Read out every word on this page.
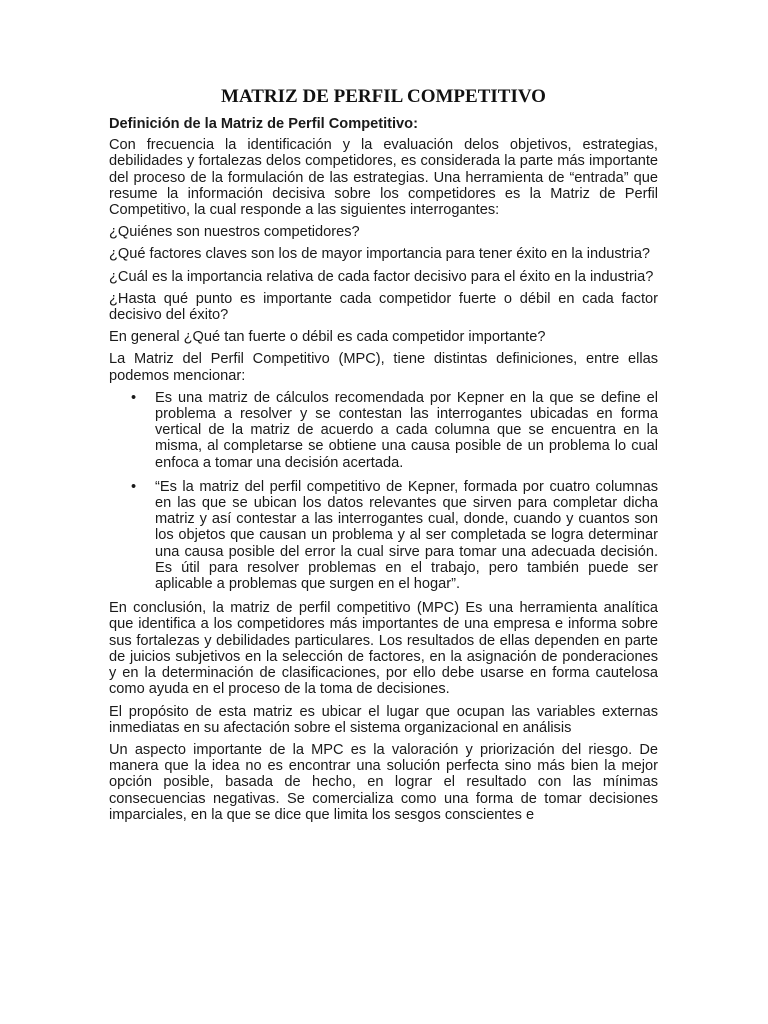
MATRIZ DE PERFIL COMPETITIVO
Definición de la Matriz de Perfil Competitivo:

Con frecuencia la identificación y la evaluación delos objetivos, estrategias, debilidades y fortalezas delos competidores, es considerada la parte más importante del proceso de la formulación de las estrategias. Una herramienta de “entrada” que resume la información decisiva sobre los competidores es la Matriz de Perfil Competitivo, la cual responde a las siguientes interrogantes:

¿Quiénes son nuestros competidores?

¿Qué factores claves son los de mayor importancia para tener éxito en la industria?

¿Cuál es la importancia relativa de cada factor decisivo para el éxito en la industria?

¿Hasta qué punto es importante cada competidor fuerte o débil en cada factor decisivo del éxito?

En general ¿Qué tan fuerte o débil es cada competidor importante?

La Matriz del Perfil Competitivo (MPC), tiene distintas definiciones, entre ellas podemos mencionar:

• Es una matriz de cálculos recomendada por Kepner en la que se define el problema a resolver y se contestan las interrogantes ubicadas en forma vertical de la matriz de acuerdo a cada columna que se encuentra en la misma, al completarse se obtiene una causa posible de un problema lo cual enfoca a tomar una decisión acertada.
• “Es la matriz del perfil competitivo de Kepner, formada por cuatro columnas en las que se ubican los datos relevantes que sirven para completar dicha matriz y así contestar a las interrogantes cual, donde, cuando y cuantos son los objetos que causan un problema y al ser completada se logra determinar una causa posible del error la cual sirve para tomar una adecuada decisión. Es útil para resolver problemas en el trabajo, pero también puede ser aplicable a problemas que surgen en el hogar”.

En conclusión, la matriz de perfil competitivo (MPC) Es una herramienta analítica que identifica a los competidores más importantes de una empresa e informa sobre sus fortalezas y debilidades particulares. Los resultados de ellas dependen en parte de juicios subjetivos en la selección de factores, en la asignación de ponderaciones y en la determinación de clasificaciones, por ello debe usarse en forma cautelosa como ayuda en el proceso de la toma de decisiones.

El propósito de esta matriz es ubicar el lugar que ocupan las variables externas inmediatas en su afectación sobre el sistema organizacional en análisis

Un aspecto importante de la MPC es la valoración y priorización del riesgo. De manera que la idea no es encontrar una solución perfecta sino más bien la mejor opción posible, basada de hecho, en lograr el resultado con las mínimas consecuencias negativas. Se comercializa como una forma de tomar decisiones imparciales, en la que se dice que limita los sesgos conscientes e
